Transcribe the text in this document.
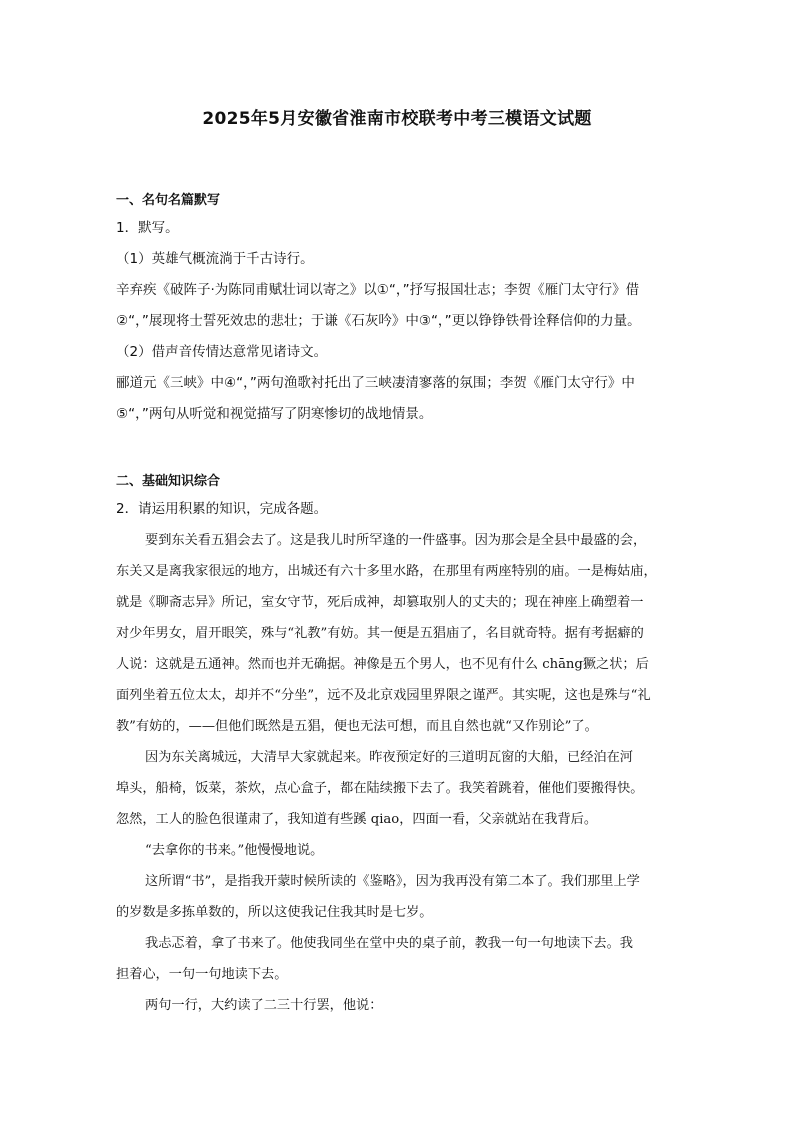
2025年5月安徽省淮南市校联考中考三模语文试题

一、名句名篇默写

1．默写。

（1）英雄气概流淌于千古诗行。

辛弃疾《破阵子·为陈同甫赋壮词以寄之》以①“，”抒写报国壮志；李贺《雁门太守行》借

②“，”展现将士誓死效忠的悲壮；于谦《石灰吟》中③“，”更以铮铮铁骨诠释信仰的力量。

（2）借声音传情达意常见诸诗文。

郦道元《三峡》中④“，”两句渔歌衬托出了三峡凄清寥落的氛围；李贺《雁门太守行》中

⑤“，”两句从听觉和视觉描写了阴寒惨切的战地情景。

二、基础知识综合

2．请运用积累的知识，完成各题。

要到东关看五猖会去了。这是我儿时所罕逢的一件盛事。因为那会是全县中最盛的会，

东关又是离我家很远的地方，出城还有六十多里水路，在那里有两座特别的庙。一是梅姑庙，

就是《聊斋志异》所记，室女守节，死后成神，却篡取别人的丈夫的；现在神座上确塑着一

对少年男女，眉开眼笑，殊与“礼教”有妨。其一便是五猖庙了，名目就奇特。据有考据癖的

人说：这就是五通神。然而也并无确据。神像是五个男人，也不见有什么 chāng獗之状；后

面列坐着五位太太，却并不“分坐”，远不及北京戏园里界限之谨严。其实呢，这也是殊与“礼

教”有妨的，——但他们既然是五猖，便也无法可想，而且自然也就“又作别论”了。

因为东关离城远，大清早大家就起来。昨夜预定好的三道明瓦窗的大船，已经泊在河

埠头，船椅，饭菜，茶炊，点心盒子，都在陆续搬下去了。我笑着跳着，催他们要搬得快。

忽然，工人的脸色很谨肃了，我知道有些蹊 qiao，四面一看，父亲就站在我背后。

“去拿你的书来。”他慢慢地说。

这所谓“书”，是指我开蒙时候所读的《鉴略》，因为我再没有第二本了。我们那里上学

的岁数是多拣单数的，所以这使我记住我其时是七岁。

我忐忑着，拿了书来了。他使我同坐在堂中央的桌子前，教我一句一句地读下去。我

担着心，一句一句地读下去。

两句一行，大约读了二三十行罢，他说：
